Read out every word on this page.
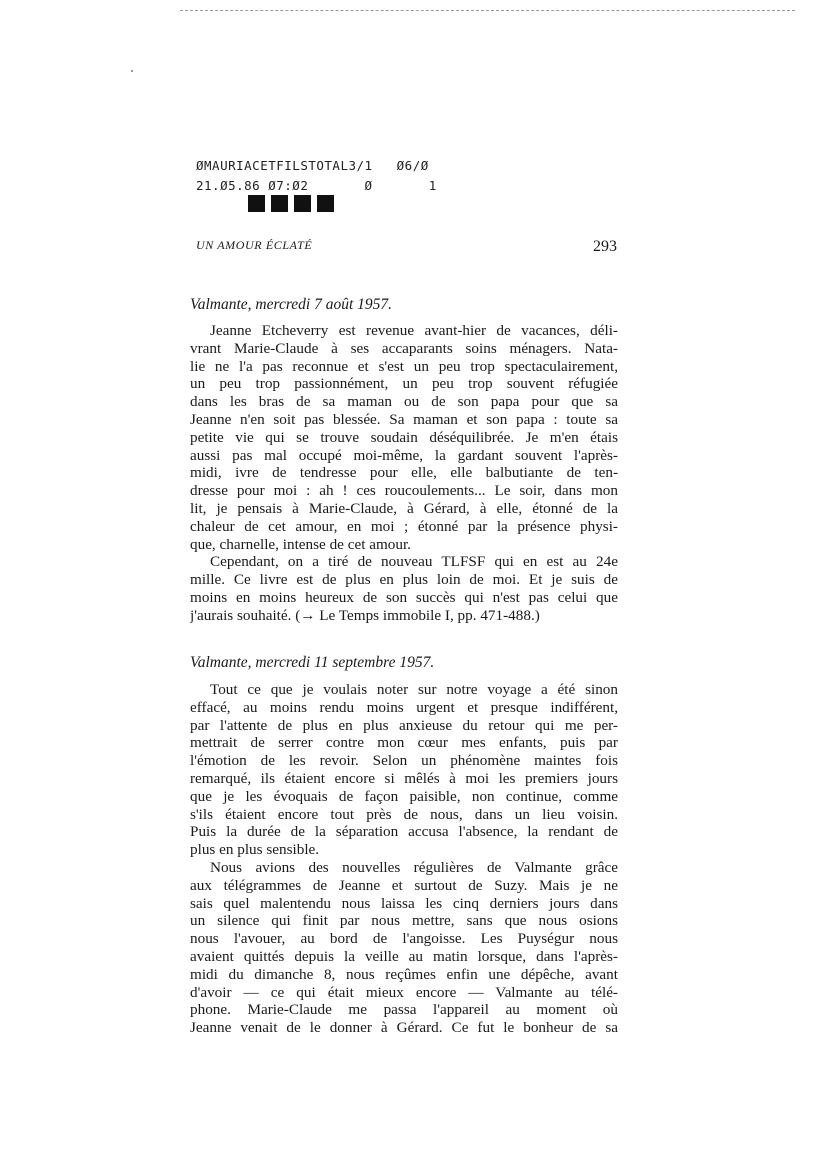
ØMAURIACETFILSTOTAL3/1   Ø6/Ø
21.Ø5.86 Ø7:Ø2       Ø       1
UN AMOUR ÉCLATÉ	293
Valmante, mercredi 7 août 1957.
Jeanne Etcheverry est revenue avant-hier de vacances, déli-
vrant Marie-Claude à ses accaparants soins ménagers. Nata-
lie ne l'a pas reconnue et s'est un peu trop spectaculairement,
un peu trop passionnément, un peu trop souvent réfugiée
dans les bras de sa maman ou de son papa pour que sa
Jeanne n'en soit pas blessée. Sa maman et son papa : toute sa
petite vie qui se trouve soudain déséquilibrée. Je m'en étais
aussi pas mal occupé moi-même, la gardant souvent l'après-
midi, ivre de tendresse pour elle, elle balbutiante de ten-
dresse pour moi : ah ! ces roucoulements... Le soir, dans mon
lit, je pensais à Marie-Claude, à Gérard, à elle, étonné de la
chaleur de cet amour, en moi ; étonné par la présence physi-
que, charnelle, intense de cet amour.
Cependant, on a tiré de nouveau TLFSF qui en est au 24e
mille. Ce livre est de plus en plus loin de moi. Et je suis de
moins en moins heureux de son succès qui n'est pas celui que
j'aurais souhaité. (→ Le Temps immobile I, pp. 471-488.)
Valmante, mercredi 11 septembre 1957.
Tout ce que je voulais noter sur notre voyage a été sinon
effacé, au moins rendu moins urgent et presque indifférent,
par l'attente de plus en plus anxieuse du retour qui me per-
mettrait de serrer contre mon cœur mes enfants, puis par
l'émotion de les revoir. Selon un phénomène maintes fois
remarqué, ils étaient encore si mêlés à moi les premiers jours
que je les évoquais de façon paisible, non continue, comme
s'ils étaient encore tout près de nous, dans un lieu voisin.
Puis la durée de la séparation accusa l'absence, la rendant de
plus en plus sensible.
Nous avions des nouvelles régulières de Valmante grâce
aux télégrammes de Jeanne et surtout de Suzy. Mais je ne
sais quel malentendu nous laissa les cinq derniers jours dans
un silence qui finit par nous mettre, sans que nous osions
nous l'avouer, au bord de l'angoisse. Les Puységur nous
avaient quittés depuis la veille au matin lorsque, dans l'après-
midi du dimanche 8, nous reçûmes enfin une dépêche, avant
d'avoir — ce qui était mieux encore — Valmante au télé-
phone. Marie-Claude me passa l'appareil au moment où
Jeanne venait de le donner à Gérard. Ce fut le bonheur de sa
